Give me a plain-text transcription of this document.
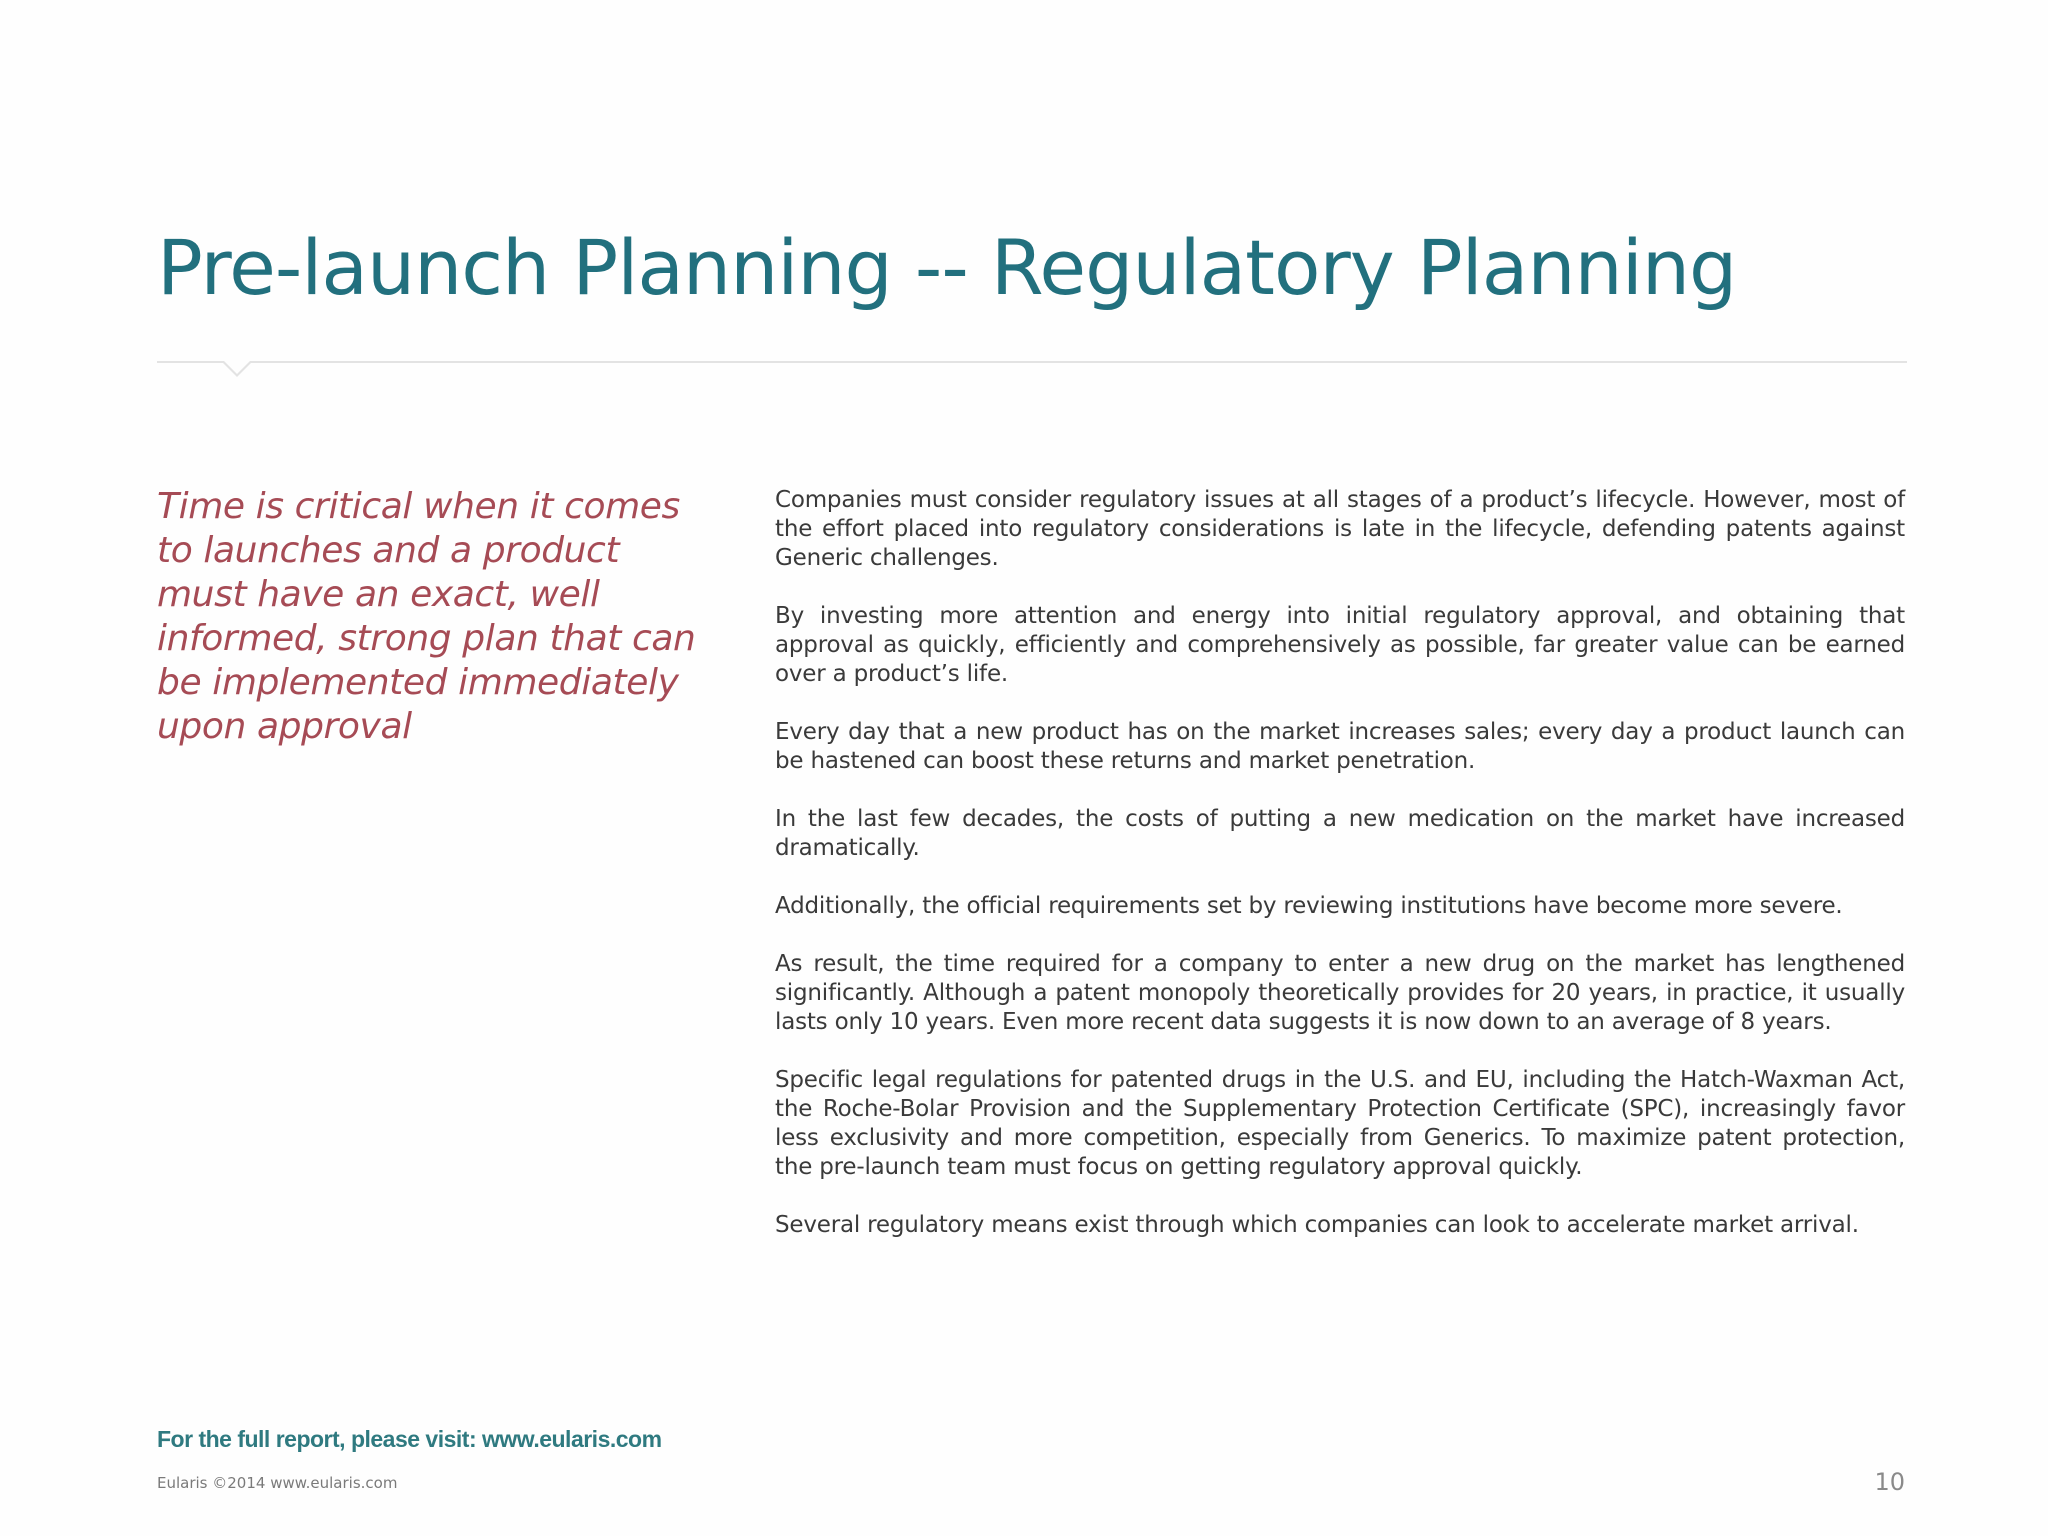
Pre-launch Planning -- Regulatory Planning
Time is critical when it comes to launches and a product must have an exact, well informed, strong plan that can be implemented immediately upon approval

Companies must consider regulatory issues at all stages of a product’s lifecycle. However, most of the effort placed into regulatory considerations is late in the lifecycle, defending patents against Generic challenges.

By investing more attention and energy into initial regulatory approval, and obtaining that approval as quickly, efficiently and comprehensively as possible, far greater value can be earned over a product’s life.

Every day that a new product has on the market increases sales; every day a product launch can be hastened can boost these returns and market penetration.

In the last few decades, the costs of putting a new medication on the market have increased dramatically.

Additionally, the official requirements set by reviewing institutions have become more severe.

As result, the time required for a company to enter a new drug on the market has lengthened significantly. Although a patent monopoly theoretically provides for 20 years, in practice, it usually lasts only 10 years. Even more recent data suggests it is now down to an average of 8 years.

Specific legal regulations for patented drugs in the U.S. and EU, including the Hatch-Waxman Act, the Roche-Bolar Provision and the Supplementary Protection Certificate (SPC), increasingly favor less exclusivity and more competition, especially from Generics. To maximize patent protection, the pre-launch team must focus on getting regulatory approval quickly.

Several regulatory means exist through which companies can look to accelerate market arrival.

For the full report, please visit: www.eularis.com
Eularis ©2014 www.eularis.com	10
